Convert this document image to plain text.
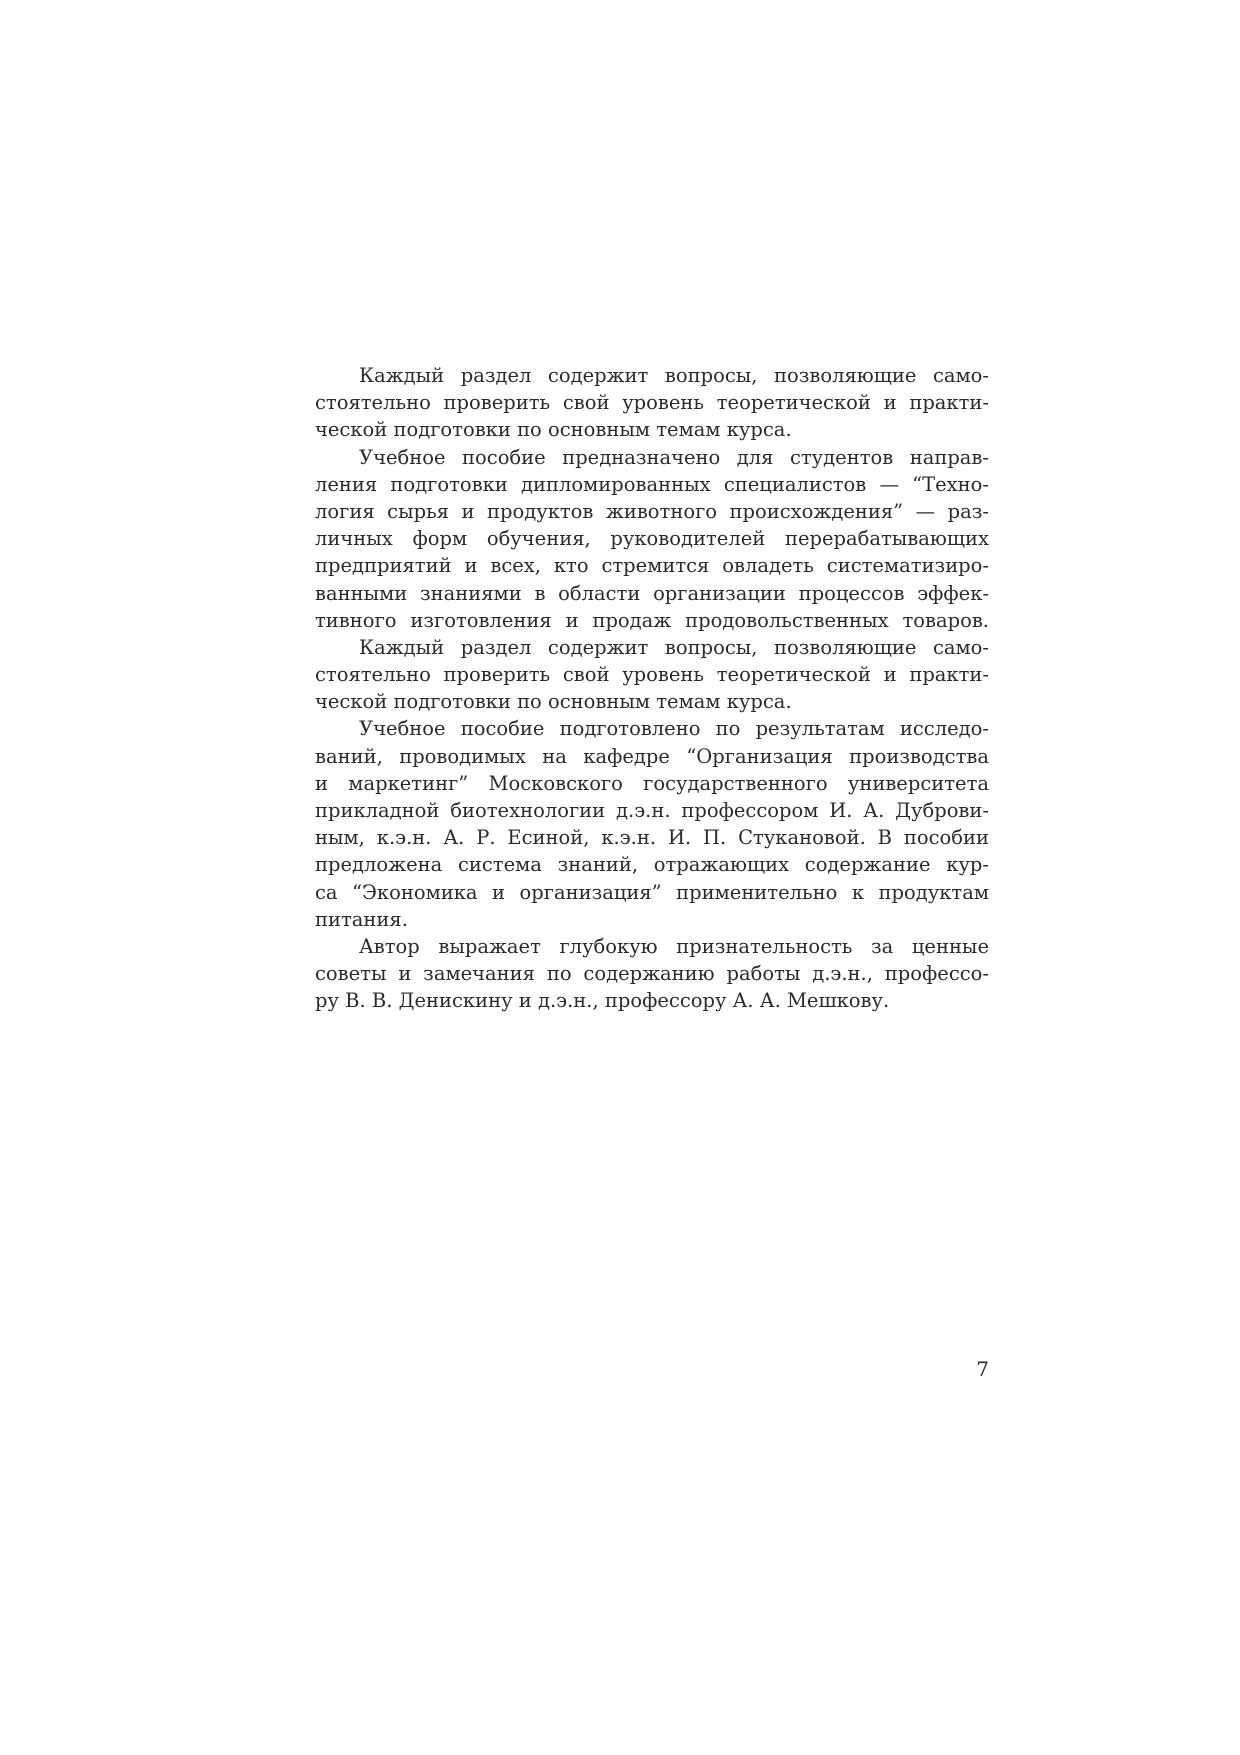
Каждый раздел содержит вопросы, позволяющие само-
стоятельно проверить свой уровень теоретической и практи-
ческой подготовки по основным темам курса.
Учебное пособие предназначено для студентов направ-
ления подготовки дипломированных специалистов — “Техно-
логия сырья и продуктов животного происхождения” — раз-
личных форм обучения, руководителей перерабатывающих
предприятий и всех, кто стремится овладеть систематизиро-
ванными знаниями в области организации процессов эффек-
тивного изготовления и продаж продовольственных товаров.
Каждый раздел содержит вопросы, позволяющие само-
стоятельно проверить свой уровень теоретической и практи-
ческой подготовки по основным темам курса.
Учебное пособие подготовлено по результатам исследо-
ваний, проводимых на кафедре “Организация производства
и маркетинг” Московского государственного университета
прикладной биотехнологии д.э.н. профессором И. А. Дуброви-
ным, к.э.н. А. Р. Есиной, к.э.н. И. П. Стукановой. В пособии
предложена система знаний, отражающих содержание кур-
са “Экономика и организация” применительно к продуктам
питания.
Автор выражает глубокую признательность за ценные
советы и замечания по содержанию работы д.э.н., профессо-
ру В. В. Денискину и д.э.н., профессору А. А. Мешкову.
7
